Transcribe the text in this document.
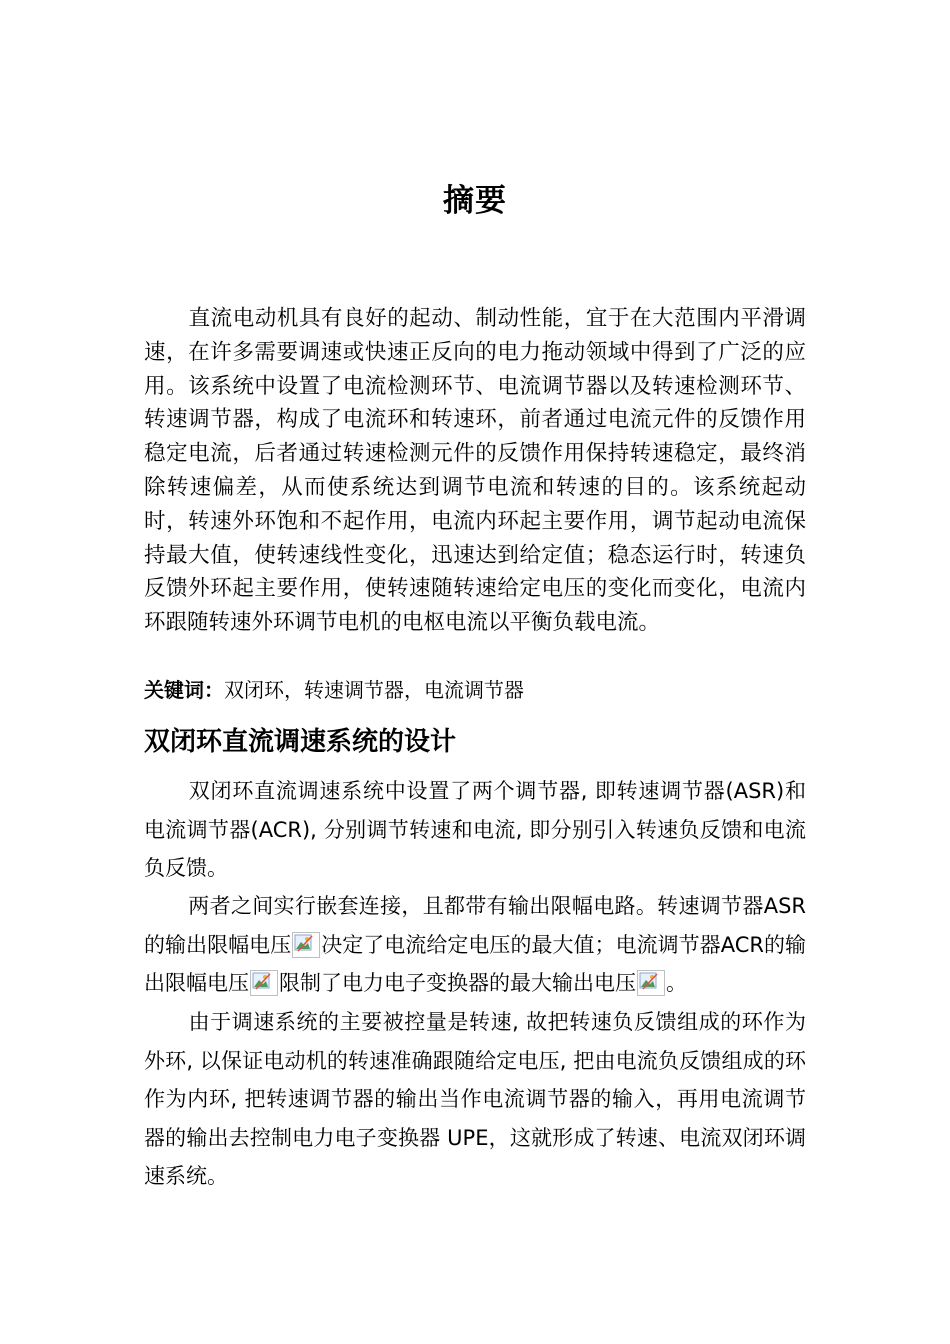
摘要

直流电动机具有良好的起动、制动性能，宜于在大范围内平滑调速，在许多需要调速或快速正反向的电力拖动领域中得到了广泛的应用。该系统中设置了电流检测环节、电流调节器以及转速检测环节、转速调节器，构成了电流环和转速环，前者通过电流元件的反馈作用稳定电流，后者通过转速检测元件的反馈作用保持转速稳定，最终消除转速偏差，从而使系统达到调节电流和转速的目的。该系统起动时，转速外环饱和不起作用，电流内环起主要作用，调节起动电流保持最大值，使转速线性变化，迅速达到给定值；稳态运行时，转速负反馈外环起主要作用，使转速随转速给定电压的变化而变化，电流内环跟随转速外环调节电机的电枢电流以平衡负载电流。

关键词：双闭环，转速调节器，电流调节器

双闭环直流调速系统的设计

双闭环直流调速系统中设置了两个调节器, 即转速调节器(ASR)和电流调节器(ACR), 分别调节转速和电流, 即分别引入转速负反馈和电流负反馈。

两者之间实行嵌套连接，且都带有输出限幅电路。转速调节器ASR的输出限幅电压 决定了电流给定电压的最大值；电流调节器ACR的输出限幅电压 限制了电力电子变换器的最大输出电压 。

由于调速系统的主要被控量是转速, 故把转速负反馈组成的环作为外环, 以保证电动机的转速准确跟随给定电压, 把由电流负反馈组成的环作为内环, 把转速调节器的输出当作电流调节器的输入，再用电流调节器的输出去控制电力电子变换器 UPE，这就形成了转速、电流双闭环调速系统。
